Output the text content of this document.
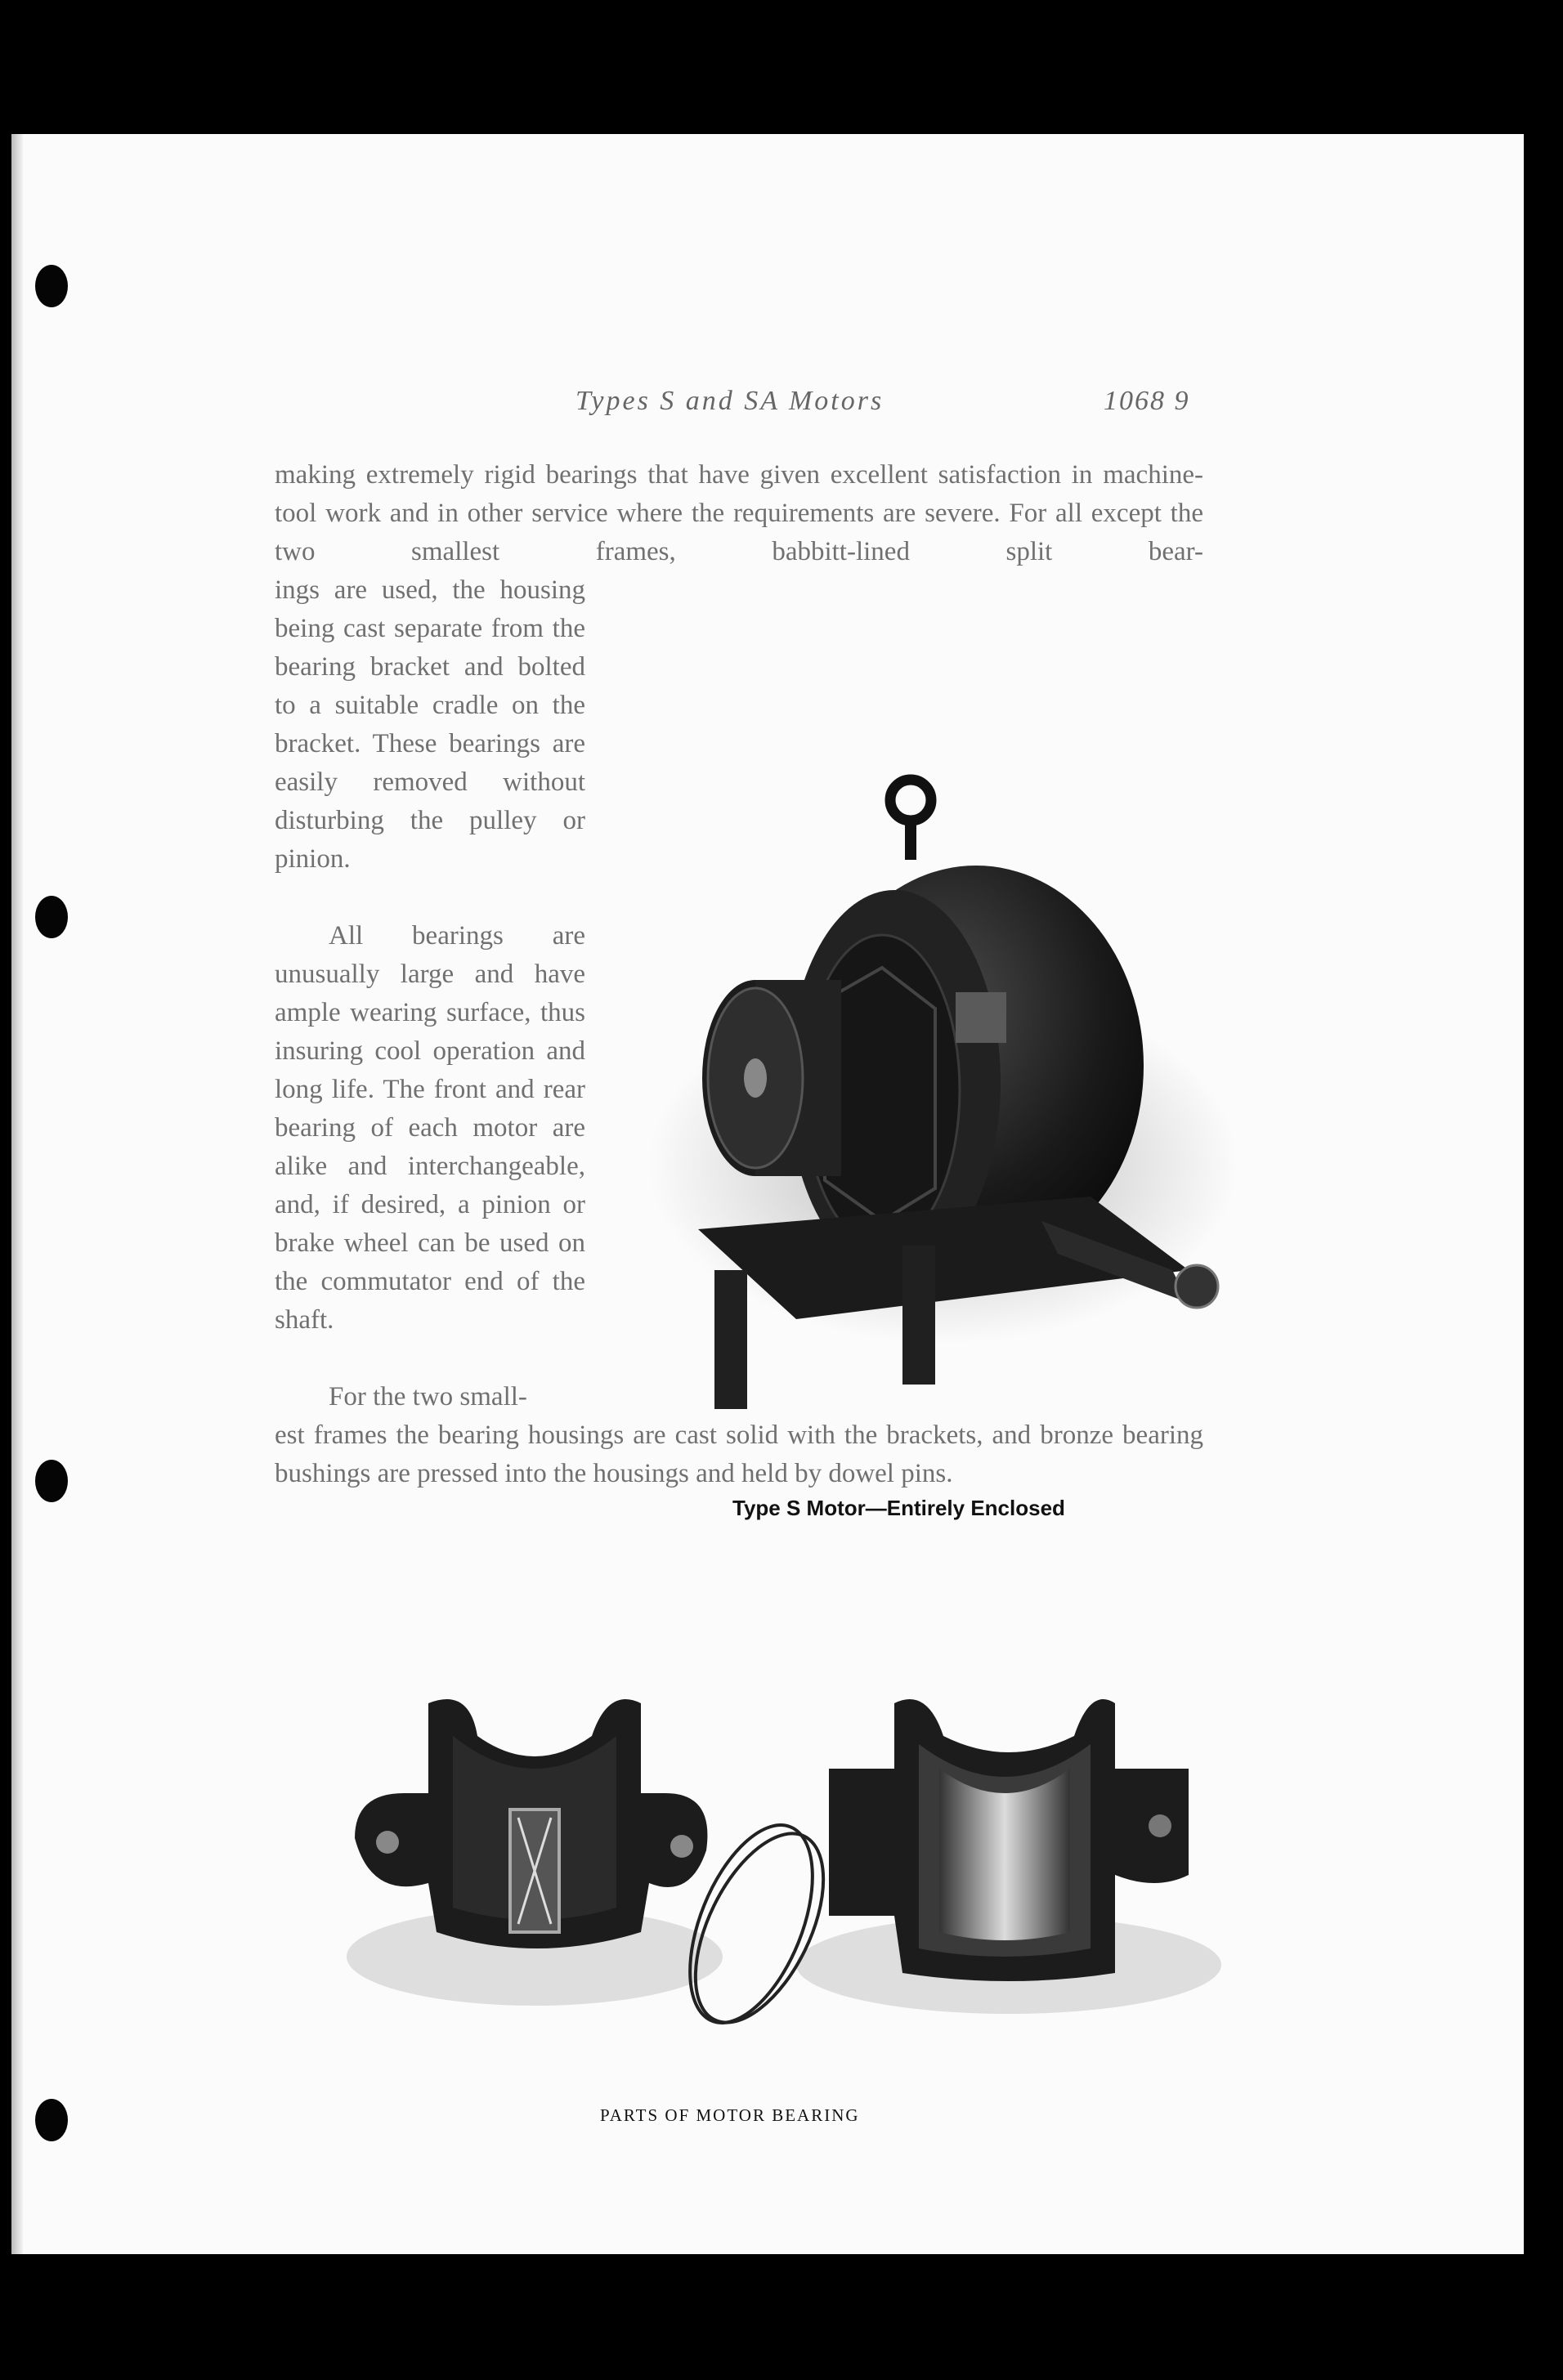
Types S and SA Motors	1068 9

making extremely rigid bearings that have given excellent satisfaction in machine-tool work and in other service where the requirements are severe. For all except the two smallest frames, babbitt-lined split bear-

ings are used, the housing being cast separate from the bearing bracket and bolted to a suitable cradle on the bracket. These bearings are easily removed without disturbing the pulley or pinion.

All bearings are unusually large and have ample wearing surface, thus insuring cool operation and long life. The front and rear bearing of each motor are alike and interchangeable, and, if desired, a pinion or brake wheel can be used on the commutator end of the shaft.

For the two small-

est frames the bearing housings are cast solid with the brackets, and bronze bearing bushings are pressed into the housings and held by dowel pins.

Type S Motor—Entirely Enclosed
PARTS OF MOTOR BEARING
